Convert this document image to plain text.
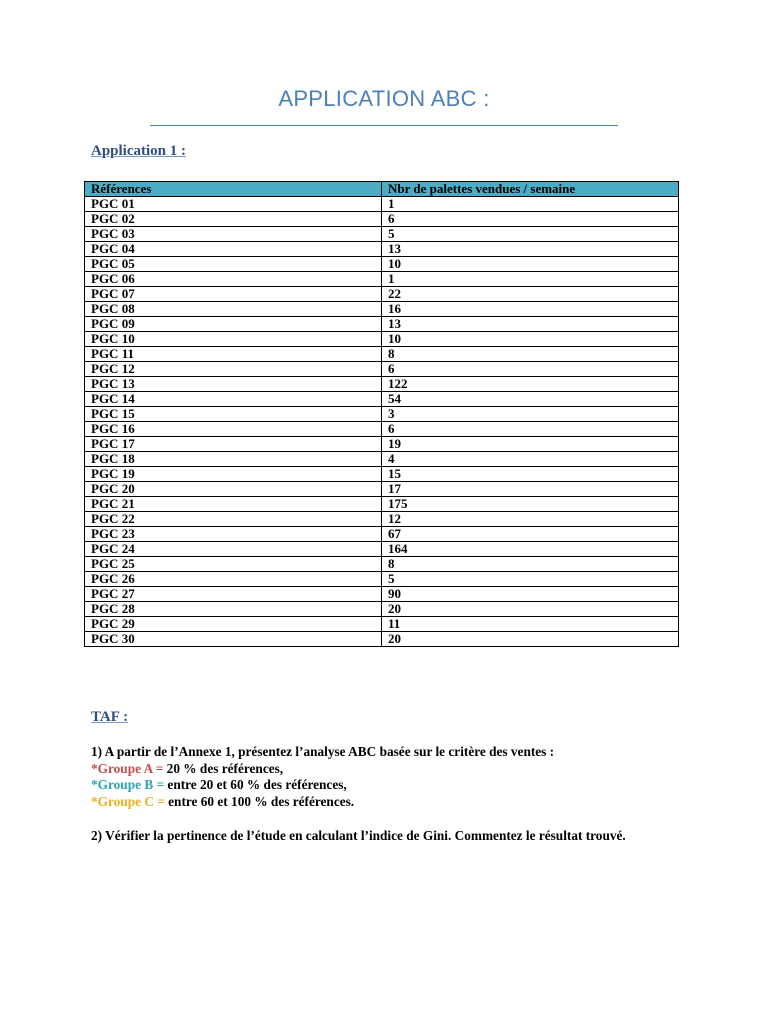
APPLICATION ABC :
Application 1 :
Références	Nbr de palettes vendues / semaine
PGC 01	1
PGC 02	6
PGC 03	5
PGC 04	13
PGC 05	10
PGC 06	1
PGC 07	22
PGC 08	16
PGC 09	13
PGC 10	10
PGC 11	8
PGC 12	6
PGC 13	122
PGC 14	54
PGC 15	3
PGC 16	6
PGC 17	19
PGC 18	4
PGC 19	15
PGC 20	17
PGC 21	175
PGC 22	12
PGC 23	67
PGC 24	164
PGC 25	8
PGC 26	5
PGC 27	90
PGC 28	20
PGC 29	11
PGC 30	20
TAF :
1) A partir de l’Annexe 1, présentez l’analyse ABC basée sur le critère des ventes :
*Groupe A = 20 % des références,
*Groupe B = entre 20 et 60 % des références,
*Groupe C = entre 60 et 100 % des références.
2) Vérifier la pertinence de l’étude en calculant l’indice de Gini. Commentez le résultat trouvé.
